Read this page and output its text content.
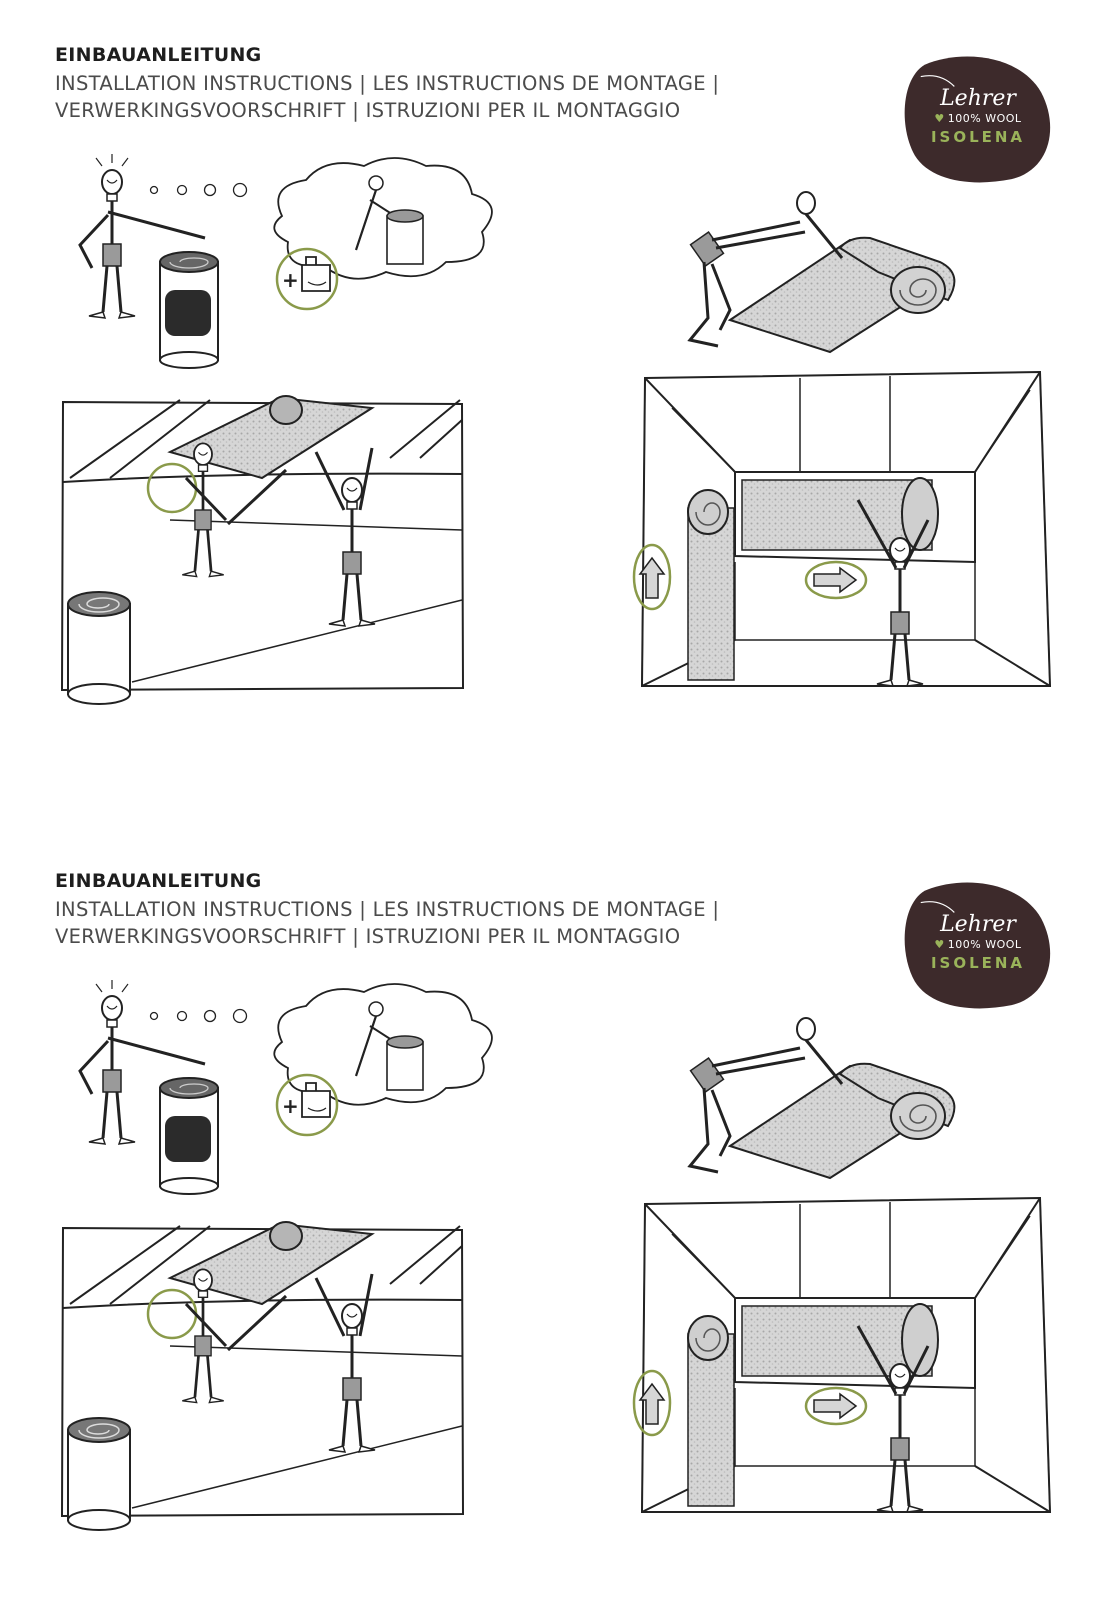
EINBAUANLEITUNG

INSTALLATION INSTRUCTIONS | LES INSTRUCTIONS DE MONTAGE |

VERWERKINGSVOORSCHRIFT | ISTRUZIONI PER IL MONTAGGIO	Lehrer
♥ 100% WOOL
ISOLENA
EINBAUANLEITUNG

INSTALLATION INSTRUCTIONS | LES INSTRUCTIONS DE MONTAGE |

VERWERKINGSVOORSCHRIFT | ISTRUZIONI PER IL MONTAGGIO	Lehrer
♥ 100% WOOL
ISOLENA
